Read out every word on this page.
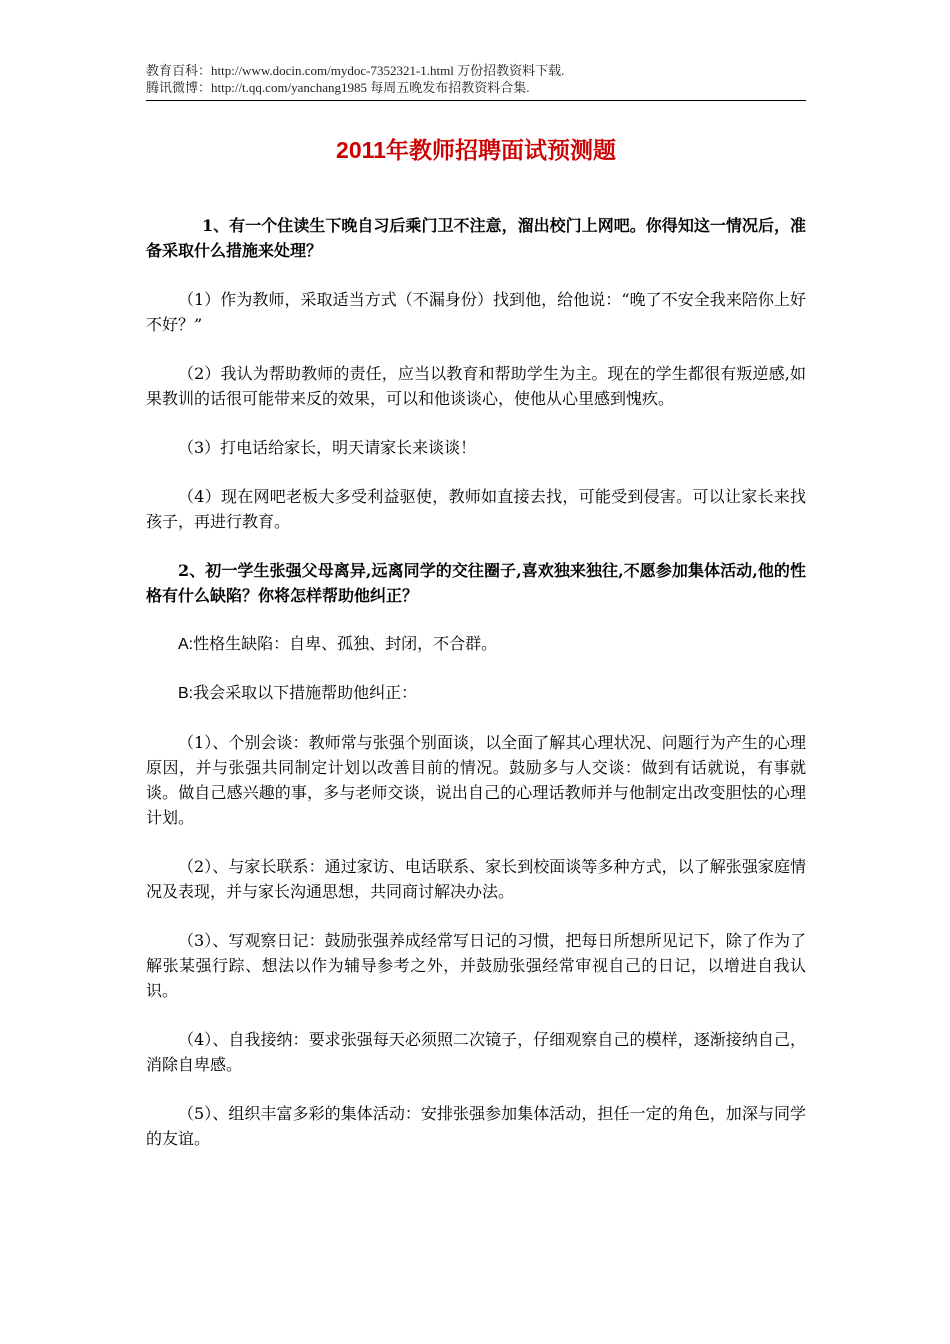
教育百科：http://www.docin.com/mydoc-7352321-1.html 万份招教资料下载.
腾讯微博：http://t.qq.com/yanchang1985 每周五晚发布招教资料合集.
2011年教师招聘面试预测题

1、有一个住读生下晚自习后乘门卫不注意，溜出校门上网吧。你得知这一情况后，准备采取什么措施来处理？

（1）作为教师，采取适当方式（不漏身份）找到他，给他说：“晚了不安全我来陪你上好不好？”

（2）我认为帮助教师的责任，应当以教育和帮助学生为主。现在的学生都很有叛逆感,如果教训的话很可能带来反的效果，可以和他谈谈心，使他从心里感到愧疚。

（3）打电话给家长，明天请家长来谈谈！

（4）现在网吧老板大多受利益驱使，教师如直接去找，可能受到侵害。可以让家长来找孩子，再进行教育。

2、初一学生张强父母离异,远离同学的交往圈子,喜欢独来独往,不愿参加集体活动,他的性格有什么缺陷？你将怎样帮助他纠正？

A:性格生缺陷：自卑、孤独、封闭，不合群。

B:我会采取以下措施帮助他纠正：

（1）、个别会谈：教师常与张强个别面谈，以全面了解其心理状况、问题行为产生的心理原因，并与张强共同制定计划以改善目前的情况。鼓励多与人交谈：做到有话就说，有事就谈。做自己感兴趣的事，多与老师交谈，说出自己的心理话教师并与他制定出改变胆怯的心理计划。

（2）、与家长联系：通过家访、电话联系、家长到校面谈等多种方式，以了解张强家庭情况及表现，并与家长沟通思想，共同商讨解决办法。

（3）、写观察日记：鼓励张强养成经常写日记的习惯，把每日所想所见记下，除了作为了解张某强行踪、想法以作为辅导参考之外，并鼓励张强经常审视自己的日记，以增进自我认识。

（4）、自我接纳：要求张强每天必须照二次镜子，仔细观察自己的模样，逐渐接纳自己，消除自卑感。

（5）、组织丰富多彩的集体活动：安排张强参加集体活动，担任一定的角色，加深与同学的友谊。
